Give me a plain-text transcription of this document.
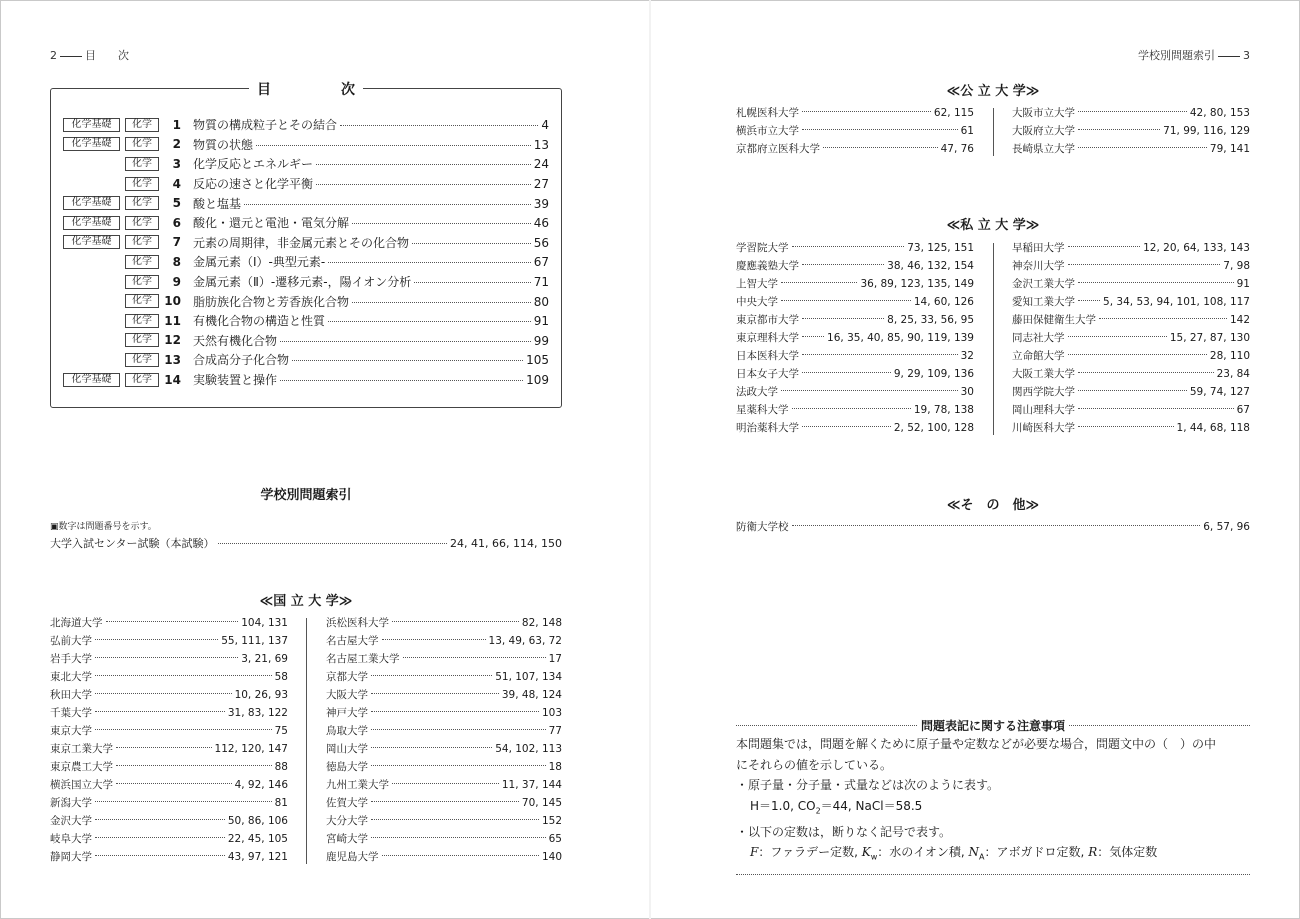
2	目　　次
目	次
化学基礎	化学	1 物質の構成粒子とその結合	4
化学基礎	化学	2 物質の状態	13
化学	3 化学反応とエネルギー	24
化学	4 反応の速さと化学平衡	27
化学基礎	化学	5 酸と塩基	39
化学基礎	化学	6 酸化・還元と電池・電気分解	46
化学基礎	化学	7 元素の周期律，非金属元素とその化合物	56
化学	8 金属元素（Ⅰ）-典型元素-	67
化学	9 金属元素（Ⅱ）-遷移元素-，陽イオン分析	71
化学	10 脂肪族化合物と芳香族化合物	80
化学	11 有機化合物の構造と性質	91
化学	12 天然有機化合物	99
化学	13 合成高分子化合物	105
化学基礎	化学	14 実験装置と操作	109
学校別問題索引
▣数字は問題番号を示す。
大学入試センター試験（本試験）	24, 41, 66, 114, 150
≪国 立 大 学≫
北海道大学	104, 131
弘前大学	55, 111, 137
岩手大学	3, 21, 69
東北大学	58
秋田大学	10, 26, 93
千葉大学	31, 83, 122
東京大学	75
東京工業大学	112, 120, 147
東京農工大学	88
横浜国立大学	4, 92, 146
新潟大学	81
金沢大学	50, 86, 106
岐阜大学	22, 45, 105
静岡大学	43, 97, 121
浜松医科大学	82, 148
名古屋大学	13, 49, 63, 72
名古屋工業大学	17
京都大学	51, 107, 134
大阪大学	39, 48, 124
神戸大学	103
鳥取大学	77
岡山大学	54, 102, 113
徳島大学	18
九州工業大学	11, 37, 144
佐賀大学	70, 145
大分大学	152
宮崎大学	65
鹿児島大学	140
学校別問題索引	3
≪公 立 大 学≫
札幌医科大学	62, 115
横浜市立大学	61
京都府立医科大学	47, 76
大阪市立大学	42, 80, 153
大阪府立大学	71, 99, 116, 129
長崎県立大学	79, 141
≪私 立 大 学≫
学習院大学	73, 125, 151
慶應義塾大学	38, 46, 132, 154
上智大学	36, 89, 123, 135, 149
中央大学	14, 60, 126
東京都市大学	8, 25, 33, 56, 95
東京理科大学	16, 35, 40, 85, 90, 119, 139
日本医科大学	32
日本女子大学	9, 29, 109, 136
法政大学	30
星薬科大学	19, 78, 138
明治薬科大学	2, 52, 100, 128
早稲田大学	12, 20, 64, 133, 143
神奈川大学	7, 98
金沢工業大学	91
愛知工業大学	5, 34, 53, 94, 101, 108, 117
藤田保健衛生大学	142
同志社大学	15, 27, 87, 130
立命館大学	28, 110
大阪工業大学	23, 84
関西学院大学	59, 74, 127
岡山理科大学	67
川崎医科大学	1, 44, 68, 118
≪そ　の　他≫
防衛大学校	6, 57, 96
問題表記に関する注意事項
本問題集では，問題を解くために原子量や定数などが必要な場合，問題文中の（　）の中
にそれらの値を示している。
・原子量・分子量・式量などは次のように表す。
H＝1.0, $CO_2=44$, NaCl＝58.5
・以下の定数は，断りなく記号で表す。
F：ファラデー定数, $K_w$：水のイオン積, $N_A$：アボガドロ定数, R：気体定数
